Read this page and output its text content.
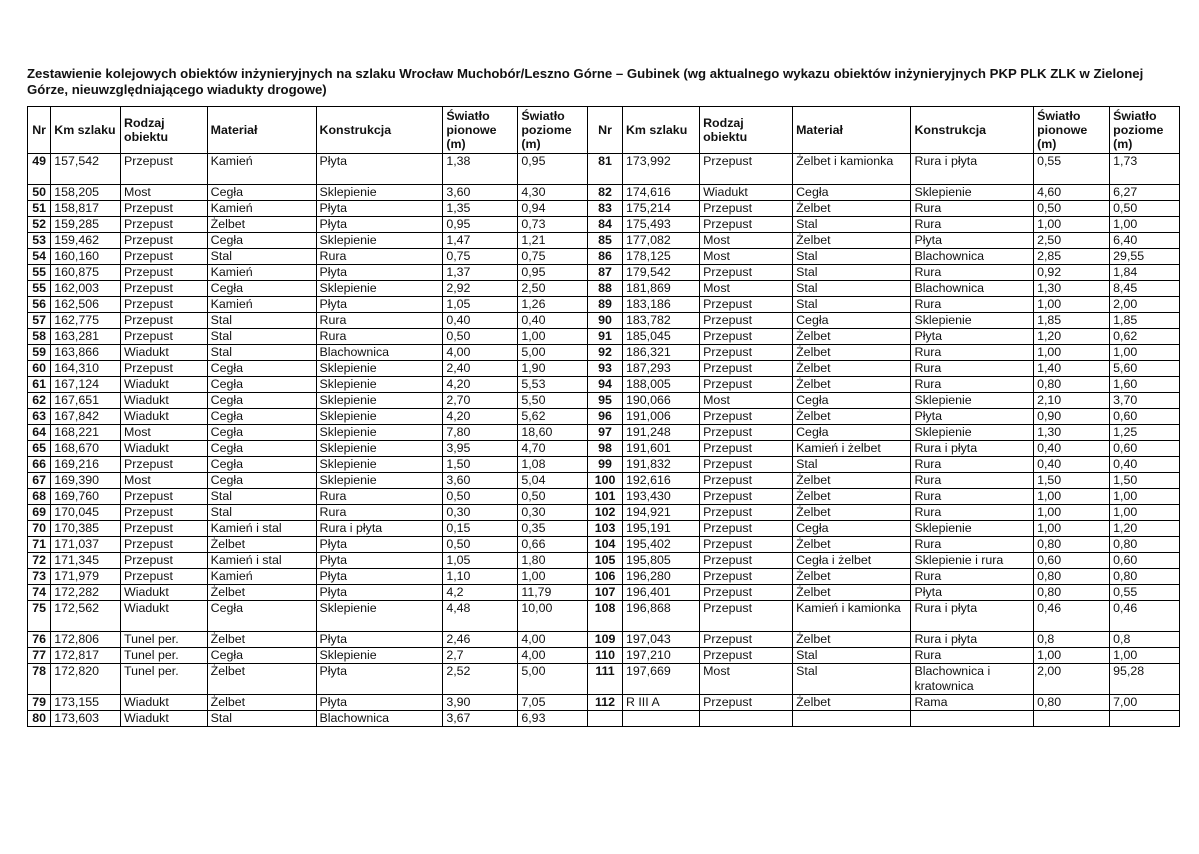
Zestawienie kolejowych obiektów inżynieryjnych na szlaku Wrocław Muchobór/Leszno Górne – Gubinek (wg aktualnego wykazu obiektów inżynieryjnych PKP PLK ZLK w Zielonej Górze, nieuwzględniającego wiadukty drogowe)
Nr	Km szlaku	Rodzaj obiektu	Materiał	Konstrukcja	Światło pionowe (m)	Światło poziome (m)	Nr	Km szlaku	Rodzaj obiektu	Materiał	Konstrukcja	Światło pionowe (m)	Światło poziome (m)
49	157,542	Przepust	Kamień	Płyta	1,38	0,95	81	173,992	Przepust	Żelbet i kamionka	Rura i płyta	0,55	1,73
50	158,205	Most	Cegła	Sklepienie	3,60	4,30	82	174,616	Wiadukt	Cegła	Sklepienie	4,60	6,27
51	158,817	Przepust	Kamień	Płyta	1,35	0,94	83	175,214	Przepust	Żelbet	Rura	0,50	0,50
52	159,285	Przepust	Żelbet	Płyta	0,95	0,73	84	175,493	Przepust	Stal	Rura	1,00	1,00
53	159,462	Przepust	Cegła	Sklepienie	1,47	1,21	85	177,082	Most	Żelbet	Płyta	2,50	6,40
54	160,160	Przepust	Stal	Rura	0,75	0,75	86	178,125	Most	Stal	Blachownica	2,85	29,55
55	160,875	Przepust	Kamień	Płyta	1,37	0,95	87	179,542	Przepust	Stal	Rura	0,92	1,84
55	162,003	Przepust	Cegła	Sklepienie	2,92	2,50	88	181,869	Most	Stal	Blachownica	1,30	8,45
56	162,506	Przepust	Kamień	Płyta	1,05	1,26	89	183,186	Przepust	Stal	Rura	1,00	2,00
57	162,775	Przepust	Stal	Rura	0,40	0,40	90	183,782	Przepust	Cegła	Sklepienie	1,85	1,85
58	163,281	Przepust	Stal	Rura	0,50	1,00	91	185,045	Przepust	Żelbet	Płyta	1,20	0,62
59	163,866	Wiadukt	Stal	Blachownica	4,00	5,00	92	186,321	Przepust	Żelbet	Rura	1,00	1,00
60	164,310	Przepust	Cegła	Sklepienie	2,40	1,90	93	187,293	Przepust	Żelbet	Rura	1,40	5,60
61	167,124	Wiadukt	Cegła	Sklepienie	4,20	5,53	94	188,005	Przepust	Żelbet	Rura	0,80	1,60
62	167,651	Wiadukt	Cegła	Sklepienie	2,70	5,50	95	190,066	Most	Cegła	Sklepienie	2,10	3,70
63	167,842	Wiadukt	Cegła	Sklepienie	4,20	5,62	96	191,006	Przepust	Żelbet	Płyta	0,90	0,60
64	168,221	Most	Cegła	Sklepienie	7,80	18,60	97	191,248	Przepust	Cegła	Sklepienie	1,30	1,25
65	168,670	Wiadukt	Cegła	Sklepienie	3,95	4,70	98	191,601	Przepust	Kamień i żelbet	Rura i płyta	0,40	0,60
66	169,216	Przepust	Cegła	Sklepienie	1,50	1,08	99	191,832	Przepust	Stal	Rura	0,40	0,40
67	169,390	Most	Cegła	Sklepienie	3,60	5,04	100	192,616	Przepust	Żelbet	Rura	1,50	1,50
68	169,760	Przepust	Stal	Rura	0,50	0,50	101	193,430	Przepust	Żelbet	Rura	1,00	1,00
69	170,045	Przepust	Stal	Rura	0,30	0,30	102	194,921	Przepust	Żelbet	Rura	1,00	1,00
70	170,385	Przepust	Kamień i stal	Rura i płyta	0,15	0,35	103	195,191	Przepust	Cegła	Sklepienie	1,00	1,20
71	171,037	Przepust	Żelbet	Płyta	0,50	0,66	104	195,402	Przepust	Żelbet	Rura	0,80	0,80
72	171,345	Przepust	Kamień i stal	Płyta	1,05	1,80	105	195,805	Przepust	Cegła i żelbet	Sklepienie i rura	0,60	0,60
73	171,979	Przepust	Kamień	Płyta	1,10	1,00	106	196,280	Przepust	Żelbet	Rura	0,80	0,80
74	172,282	Wiadukt	Żelbet	Płyta	4,2	11,79	107	196,401	Przepust	Żelbet	Płyta	0,80	0,55
75	172,562	Wiadukt	Cegła	Sklepienie	4,48	10,00	108	196,868	Przepust	Kamień i kamionka	Rura i płyta	0,46	0,46
76	172,806	Tunel per.	Żelbet	Płyta	2,46	4,00	109	197,043	Przepust	Żelbet	Rura i płyta	0,8	0,8
77	172,817	Tunel per.	Cegła	Sklepienie	2,7	4,00	110	197,210	Przepust	Stal	Rura	1,00	1,00
78	172,820	Tunel per.	Żelbet	Płyta	2,52	5,00	111	197,669	Most	Stal	Blachownica i kratownica	2,00	95,28
79	173,155	Wiadukt	Żelbet	Płyta	3,90	7,05	112	R III A	Przepust	Żelbet	Rama	0,80	7,00
80	173,603	Wiadukt	Stal	Blachownica	3,67	6,93							
